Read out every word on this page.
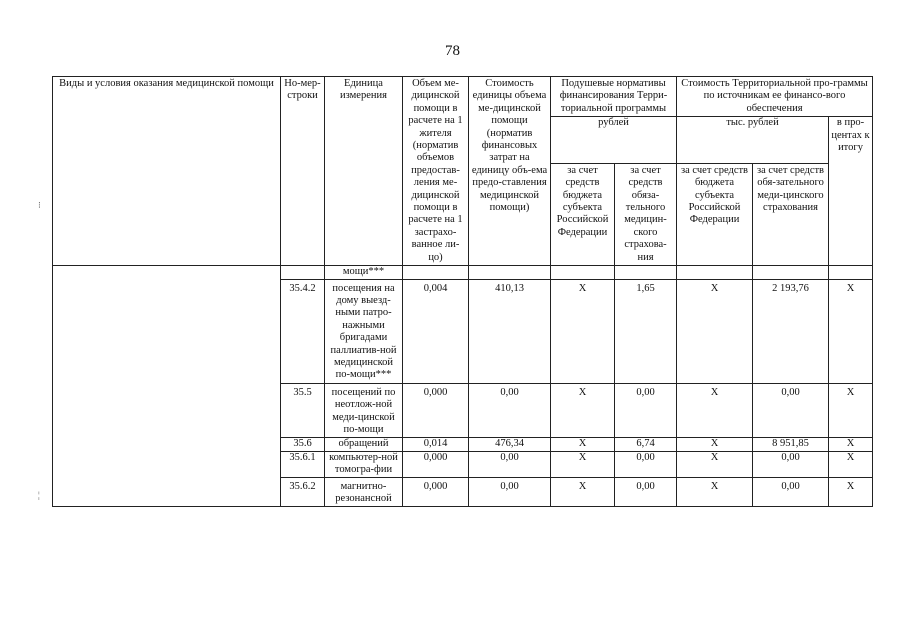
78
⁝
¦
Виды и условия оказания медицинской помощи	Но-мер-строки	Единица измерения	Объем ме-дицинской помощи в расчете на 1 жителя (норматив объемов предостав-ления ме-дицинской помощи в расчете на 1 застрахо-ванное ли-цо)	Стоимость единицы объема ме-дицинской помощи (норматив финансовых затрат на единицу объ-ема предо-ставления медицинской помощи)	Подушевые нормативы финансирования Терри-ториальной программы		Стоимость Территориальной про-граммы по источникам ее финансо-вого обеспечения		
					рублей		тыс. рублей		в про-центах к итогу
					за счет средств бюджета субъекта Российской Федерации	за счет средств обяза-тельного медицин-ского страхова-ния	за счет средств бюджета субъекта Российской Федерации	за счет средств обя-зательного меди-цинского страхования	
		мощи***							
	35.4.2	посещения на дому выезд-ными патро-нажными бригадами паллиатив-ной медицинской по-мощи***	0,004	410,13	X	1,65	X	2 193,76	X
	35.5	посещений по неотлож-ной меди-цинской по-мощи	0,000	0,00	X	0,00	X	0,00	X
	35.6	обращений	0,014	476,34	X	6,74	X	8 951,85	X
	35.6.1	компьютер-ной томогра-фии	0,000	0,00	X	0,00	X	0,00	X
	35.6.2	магнитно-резонансной	0,000	0,00	X	0,00	X	0,00	X
